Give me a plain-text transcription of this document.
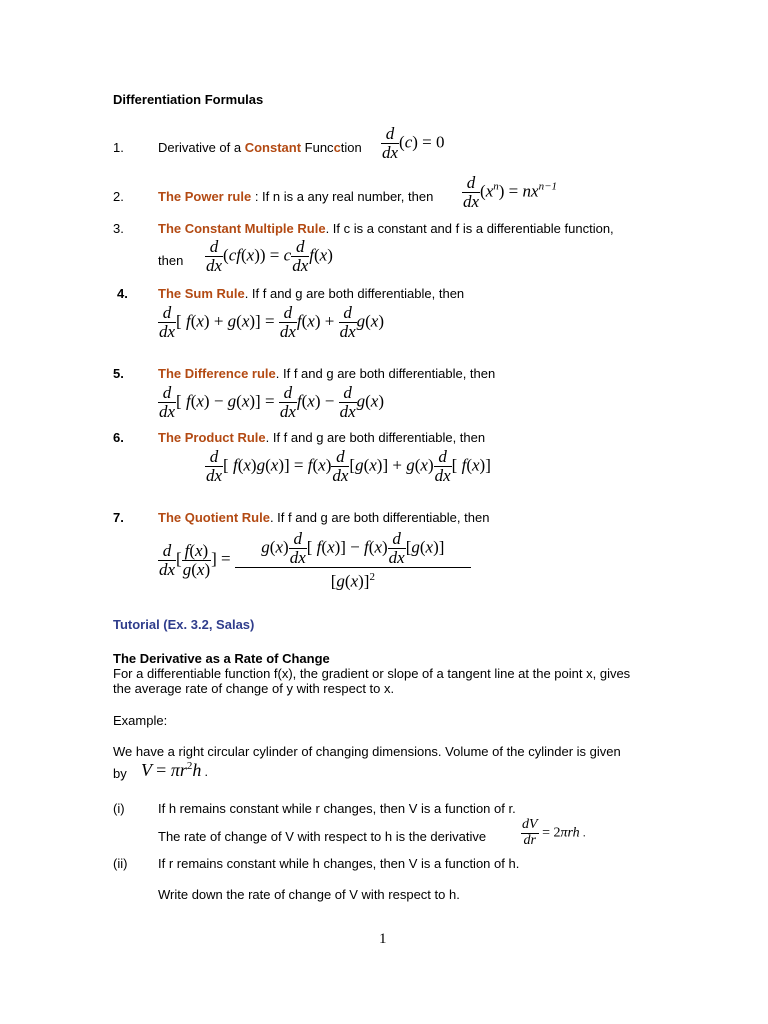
Differentiation Formulas
1.	Derivative of a Constant Funcction $\frac{d}{dx} (c) = 0$
2.	The Power rule : If n is a any real number, then $\frac{d}{dx} (x^n) = nx^{n-1}$
3.	The Constant Multiple Rule. If c is a constant and f is a differentiable function,
then $\frac{d}{dx} (cf(x)) = c \frac{d}{dx} f(x)$
4. The Sum Rule. If f and g are both differentiable, then
$\frac{d}{dx}$ [ $f(x) + g(x)] = \frac{d}{dx} f(x) + \frac{d}{dx} g(x)$
5.	The Difference rule. If f and g are both differentiable, then
$\frac{d}{dx}$ [ $f(x) - g(x)] = \frac{d}{dx} f(x) - \frac{d}{dx} g(x)$
6.	The Product Rule. If f and g are both differentiable, then
$\frac{d}{dx}$ [ $f(x)g(x)] = f(x) \frac{d}{dx} [g(x)] + g(x) \frac{d}{dx}$ [ f(x)]
7.	The Quotient Rule. If f and g are both differentiable, then
$\frac{d}{dx}$ [ $\frac{f(x)}{g(x)}$ ] = $\frac{g(x) \frac{d}{dx} [ f(x)] - f(x) \frac{d}{dx} [g(x)]}{[g(x)]^2}$
Tutorial (Ex. 3.2, Salas)
The Derivative as a Rate of Change
For a differentiable function f(x), the gradient or slope of a tangent line at the point x, gives the average rate of change of y with respect to x.
Example:
We have a right circular cylinder of changing dimensions. Volume of the cylinder is given
by $V = \pi r^2h$ .
(i)	If h remains constant while r changes, then V is a function of r.
The rate of change of V with respect to h is the derivative $\frac{dV}{dr} = 2\pi rh$ .
(ii) If r remains constant while h changes, then V is a function of h.
Write down the rate of change of V with respect to h.
1
